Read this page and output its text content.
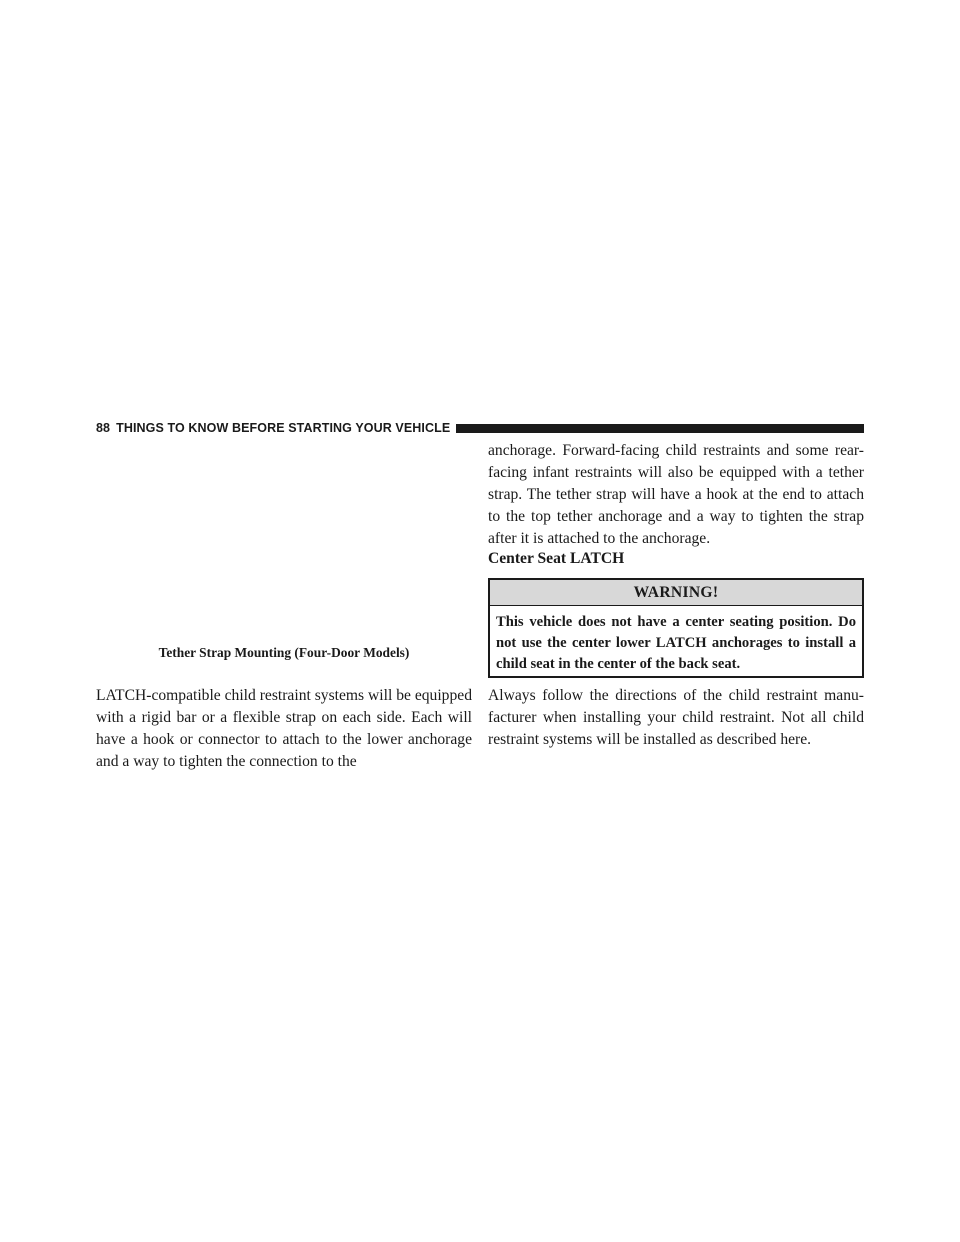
88 THINGS TO KNOW BEFORE STARTING YOUR VEHICLE
Tether Strap Mounting (Four-Door Models)

LATCH-compatible child restraint systems will be equipped with a rigid bar or a flexible strap on each side. Each will have a hook or connector to attach to the lower anchorage and a way to tighten the connection to the

anchorage. Forward-facing child restraints and some rear-facing infant restraints will also be equipped with a tether strap. The tether strap will have a hook at the end to attach to the top tether anchorage and a way to tighten the strap after it is attached to the anchorage.

Center Seat LATCH
WARNING!

This vehicle does not have a center seating position. Do not use the center lower LATCH anchorages to install a child seat in the center of the back seat.

Always follow the directions of the child restraint manu-facturer when installing your child restraint. Not all child restraint systems will be installed as described here.
